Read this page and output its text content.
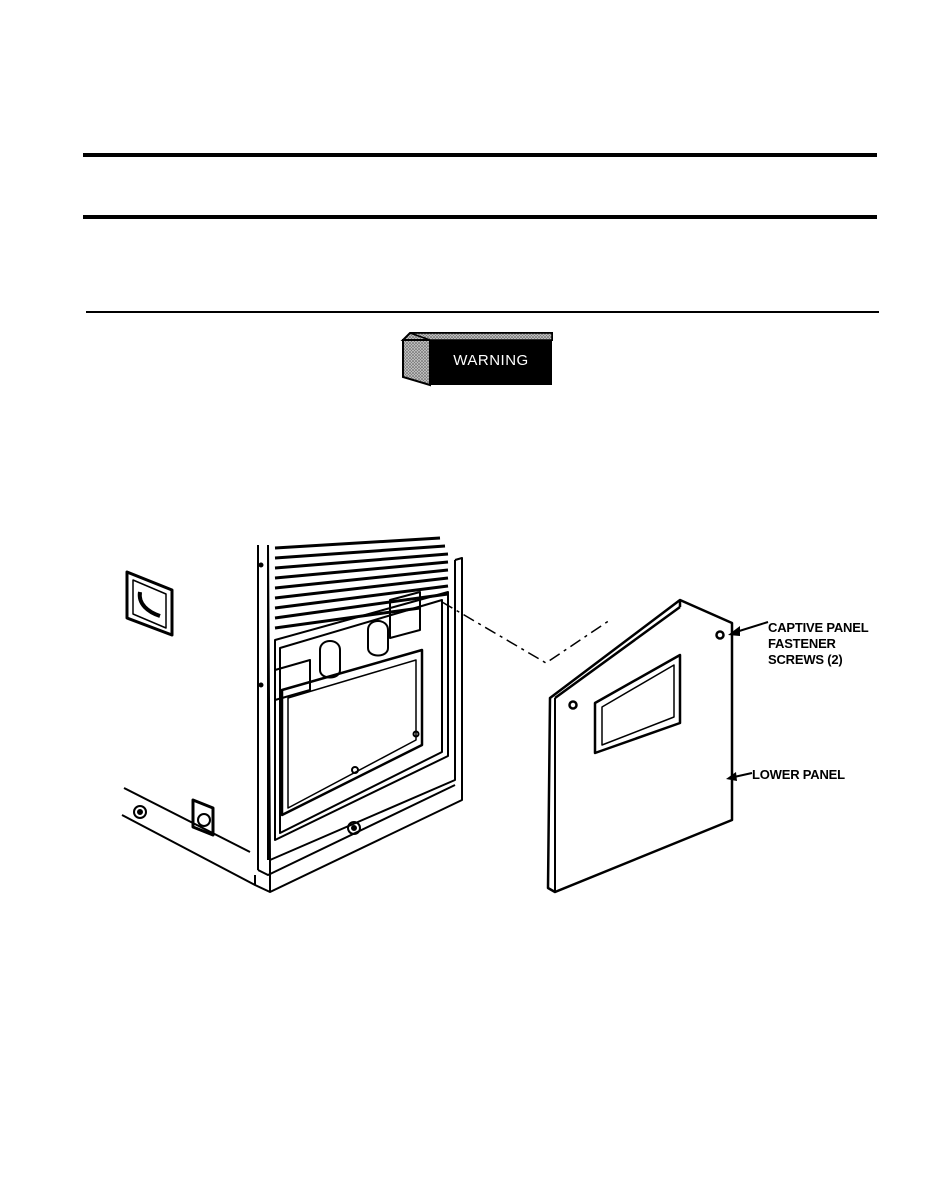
WARNING
CAPTIVE PANEL
FASTENER
SCREWS (2)
LOWER PANEL
